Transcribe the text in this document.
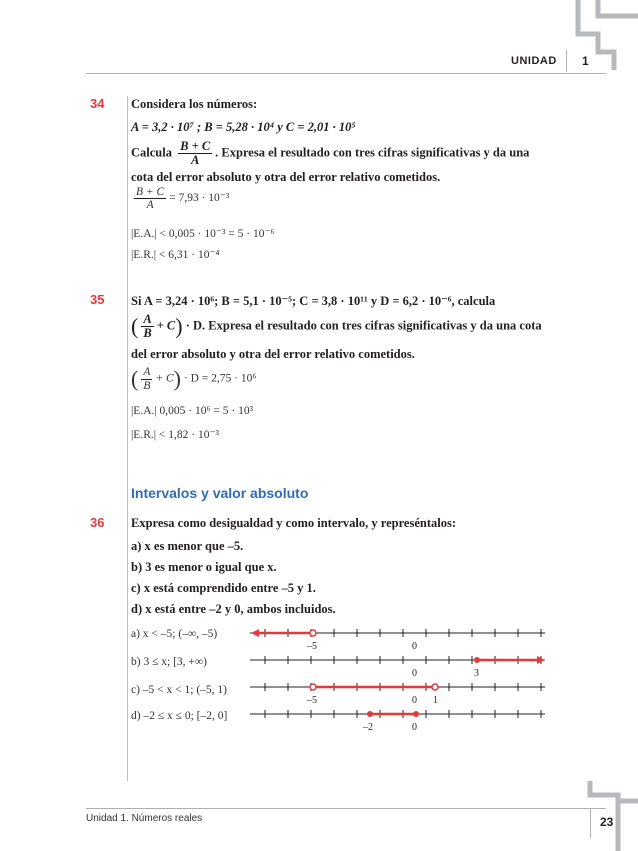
UNIDAD 1
34 Considera los números:
A = 3,2 · 10⁷ ; B = 5,28 · 10⁴ y C = 2,01 · 10⁵
Calcula $\frac{B + C}{A}$ . Expresa el resultado con tres cifras significativas y da una
cota del error absoluto y otra del error relativo cometidos.
$\frac{B + C}{A} = 7,93 \cdot 10^{-3}$
|E.A.| < 0,005 · 10⁻³ = 5 · 10⁻⁶
|E.R.| < 6,31 · 10⁻⁴
35 Si A = 3,24 · 10⁶; B = 5,1 · 10⁻⁵; C = 3,8 · 10¹¹ y D = 6,2 · 10⁻⁶, calcula
( $\frac{A}{B} + C) \cdot D$. Expresa el resultado con tres cifras significativas y da una cota
del error absoluto y otra del error relativo cometidos.
( $\frac{A}{B} + C) \cdot D = 2,75 \cdot 10^6$
|E.A.| 0,005 · 10⁶ = 5 · 10³
|E.R.| < 1,82 · 10⁻³
Intervalos y valor absoluto
36 Expresa como desigualdad y como intervalo, y represéntalos:
a) x es menor que –5.
b) 3 es menor o igual que x.
c) x está comprendido entre –5 y 1.
d) x está entre –2 y 0, ambos incluidos.
a) x < –5; (–∞, –5)
b) 3 ≤ x; [3, +∞)
c) –5 < x < 1; (–5, 1)
d) –2 ≤ x ≤ 0; [–2, 0]
–5	0
0	3
–5	0 1
–2	0
Unidad 1. Números reales	23
